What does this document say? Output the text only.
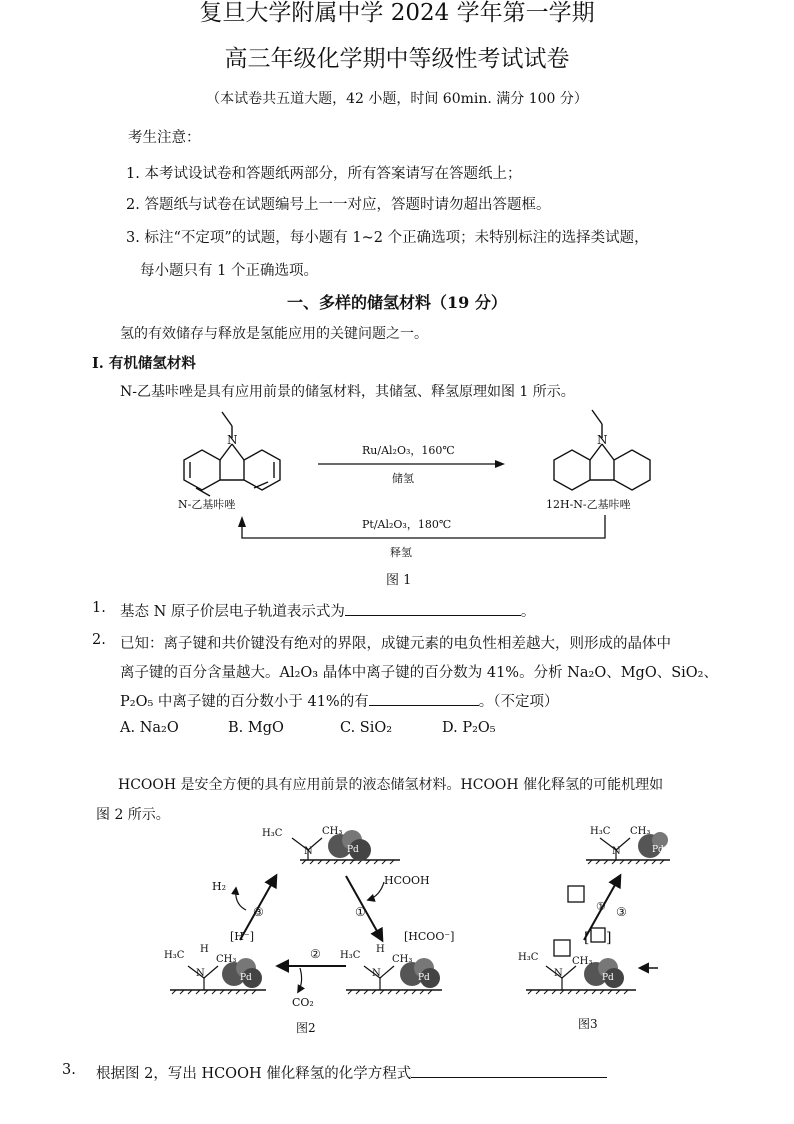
复旦大学附属中学 2024 学年第一学期
高三年级化学期中等级性考试试卷
（本试卷共五道大题，42 小题，时间 60min. 满分 100 分）
考生注意：
1. 本考试设试卷和答题纸两部分，所有答案请写在答题纸上；
2. 答题纸与试卷在试题编号上一一对应，答题时请勿超出答题框。
3. 标注“不定项”的试题，每小题有 1~2 个正确选项；未特别标注的选择类试题，
每小题只有 1 个正确选项。
一、多样的储氢材料（19 分）
氢的有效储存与释放是氢能应用的关键问题之一。
I. 有机储氢材料
N-乙基咔唑是具有应用前景的储氢材料，其储氢、释氢原理如图 1 所示。
N
N-乙基咔唑
N
12H-N-乙基咔唑
Ru/Al₂O₃，160℃
储氢
Pt/Al₂O₃，180℃
释氢
图 1
1. 基态 N 原子价层电子轨道表示式为	。
2. 已知：离子键和共价键没有绝对的界限，成键元素的电负性相差越大，则形成的晶体中
离子键的百分含量越大。Al₂O₃ 晶体中离子键的百分数为 41%。分析 Na₂O、MgO、SiO₂、
P₂O₅ 中离子键的百分数小于 41%的有	。（不定项）
A. Na₂O	B. MgO	C. SiO₂	D. P₂O₅
HCOOH 是安全方便的具有应用前景的液态储氢材料。HCOOH 催化释氢的可能机理如
图 2 所示。
Pd
H₃C	CH₃
N
③
H₂
①
HCOOH
Pd
H₃C	CH₃
H
N
[H⁻]
②
CO₂
Pd
H₃C	CH₃
H
N
[HCOO⁻]
图2
Pd
H₃C CH₃
N
③
①
Pd
[ ]
H₃C	CH₃
N
图3
3. 根据图 2，写出 HCOOH 催化释氢的化学方程式
